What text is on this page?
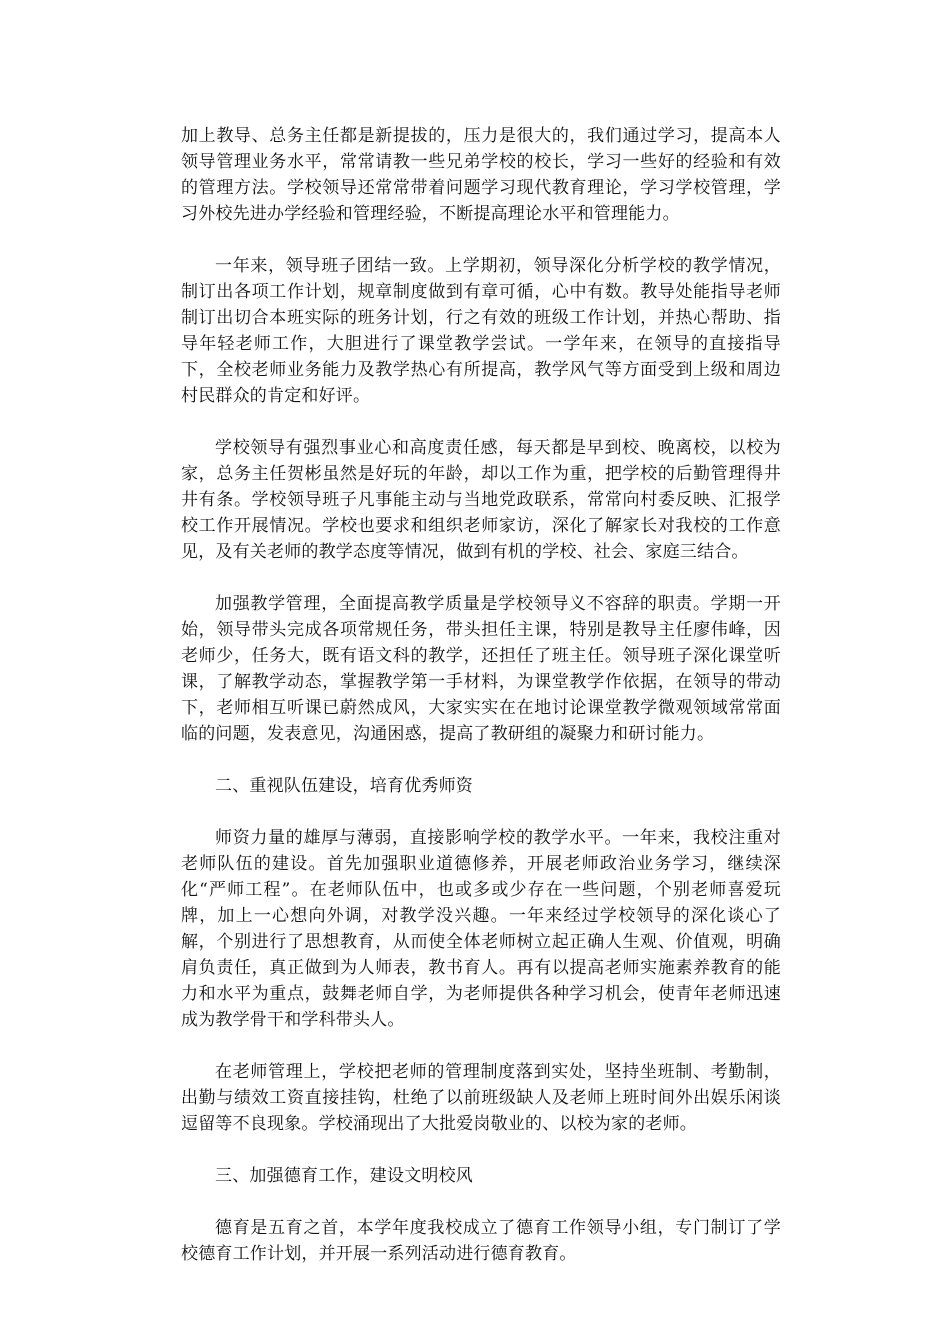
加上教导、总务主任都是新提拔的，压力是很大的，我们通过学习，提高本人领导管理业务水平，常常请教一些兄弟学校的校长，学习一些好的经验和有效的管理方法。学校领导还常常带着问题学习现代教育理论，学习学校管理，学习外校先进办学经验和管理经验，不断提高理论水平和管理能力。

一年来，领导班子团结一致。上学期初，领导深化分析学校的教学情况，制订出各项工作计划，规章制度做到有章可循，心中有数。教导处能指导老师制订出切合本班实际的班务计划，行之有效的班级工作计划，并热心帮助、指导年轻老师工作，大胆进行了课堂教学尝试。一学年来，在领导的直接指导下，全校老师业务能力及教学热心有所提高，教学风气等方面受到上级和周边村民群众的肯定和好评。

学校领导有强烈事业心和高度责任感，每天都是早到校、晚离校，以校为家，总务主任贺彬虽然是好玩的年龄，却以工作为重，把学校的后勤管理得井井有条。学校领导班子凡事能主动与当地党政联系，常常向村委反映、汇报学校工作开展情况。学校也要求和组织老师家访，深化了解家长对我校的工作意见，及有关老师的教学态度等情况，做到有机的学校、社会、家庭三结合。

加强教学管理，全面提高教学质量是学校领导义不容辞的职责。学期一开始，领导带头完成各项常规任务，带头担任主课，特别是教导主任廖伟峰，因老师少，任务大，既有语文科的教学，还担任了班主任。领导班子深化课堂听课，了解教学动态，掌握教学第一手材料，为课堂教学作依据，在领导的带动下，老师相互听课已蔚然成风，大家实实在在地讨论课堂教学微观领域常常面临的问题，发表意见，沟通困惑，提高了教研组的凝聚力和研讨能力。

二、重视队伍建设，培育优秀师资

师资力量的雄厚与薄弱，直接影响学校的教学水平。一年来，我校注重对老师队伍的建设。首先加强职业道德修养，开展老师政治业务学习，继续深化“严师工程”。在老师队伍中，也或多或少存在一些问题，个别老师喜爱玩牌，加上一心想向外调，对教学没兴趣。一年来经过学校领导的深化谈心了解，个别进行了思想教育，从而使全体老师树立起正确人生观、价值观，明确肩负责任，真正做到为人师表，教书育人。再有以提高老师实施素养教育的能力和水平为重点，鼓舞老师自学，为老师提供各种学习机会，使青年老师迅速成为教学骨干和学科带头人。

在老师管理上，学校把老师的管理制度落到实处，坚持坐班制、考勤制，出勤与绩效工资直接挂钩，杜绝了以前班级缺人及老师上班时间外出娱乐闲谈逗留等不良现象。学校涌现出了大批爱岗敬业的、以校为家的老师。

三、加强德育工作，建设文明校风

德育是五育之首，本学年度我校成立了德育工作领导小组，专门制订了学校德育工作计划，并开展一系列活动进行德育教育。
